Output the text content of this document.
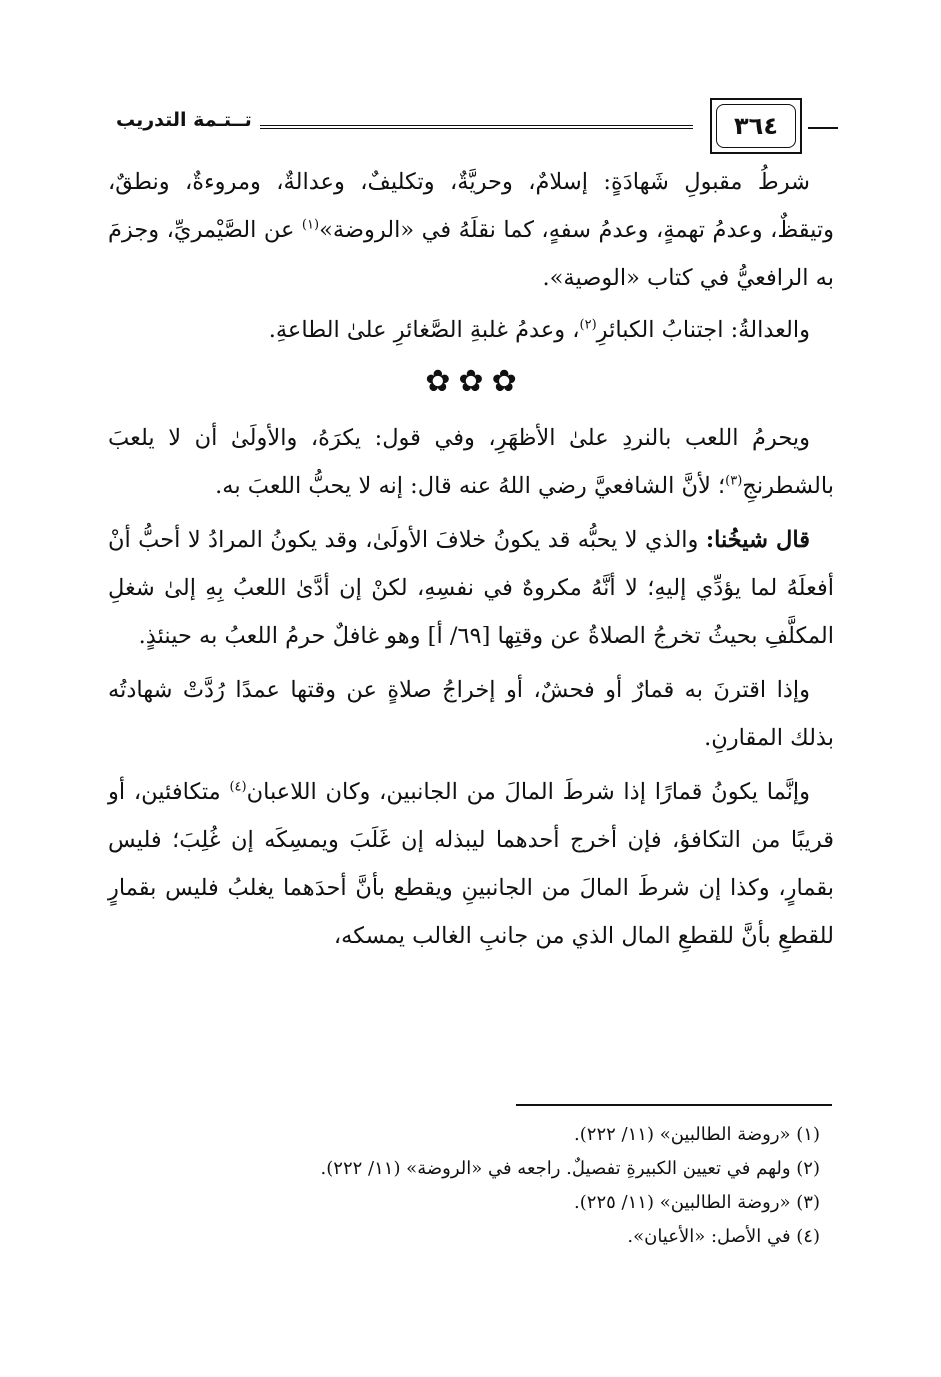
تــتـمة التدريب	٣٦٤

شرطُ مقبولِ شَهادَةٍ: إسلامٌ، وحريَّةٌ، وتكليفٌ، وعدالةٌ، ومروءةٌ، ونطقٌ، وتيقظٌ، وعدمُ تهمةٍ، وعدمُ سفهٍ، كما نقلَهُ في «الروضة»$^{(١)}$ عن الصَّيْمريِّ، وجزمَ به الرافعيُّ في كتاب «الوصية».

والعدالةُ: اجتنابُ الكبائرِ$^{(٢)}$، وعدمُ غلبةِ الصَّغائرِ علىٰ الطاعةِ.

✿✿✿

ويحرمُ اللعب بالنردِ علىٰ الأظهَرِ، وفي قول: يكرَهُ، والأولَىٰ أن لا يلعبَ بالشطرنجِ$^{(٣)}$؛ لأنَّ الشافعيَّ رضي اللهُ عنه قال: إنه لا يحبُّ اللعبَ به.

قال شيخُنا: والذي لا يحبُّه قد يكونُ خلافَ الأولَىٰ، وقد يكونُ المرادُ لا أحبُّ أنْ أفعلَهُ لما يؤدِّي إليهِ؛ لا أنَّهُ مكروهٌ في نفسِهِ، لكنْ إن أدَّىٰ اللعبُ بِهِ إلىٰ شغلِ المكلَّفِ بحيثُ تخرجُ الصلاةُ عن وقتِها [٦٩/ أ] وهو غافلٌ حرمُ اللعبُ به حينئذٍ.

وإذا اقترنَ به قمارٌ أو فحشٌ، أو إخراجُ صلاةٍ عن وقتها عمدًا رُدَّتْ شهادتُه بذلك المقارنِ.

وإنَّما يكونُ قمارًا إذا شرطَ المالَ من الجانبين، وكان اللاعبان$^{(٤)}$ متكافئين، أو قريبًا من التكافؤ، فإن أخرج أحدهما ليبذله إن غَلَبَ ويمسِكَه إن غُلِبَ؛ فليس بقمارٍ، وكذا إن شرطَ المالَ من الجانبينِ ويقطع بأنَّ أحدَهما يغلبُ فليس بقمارٍ للقطعِ بأنَّ للقطعِ المال الذي من جانبِ الغالب يمسكه،

(١) «روضة الطالبين» (١١/ ٢٢٢).
(٢) ولهم في تعيين الكبيرةِ تفصيلٌ. راجعه في «الروضة» (١١/ ٢٢٢).
(٣) «روضة الطالبين» (١١/ ٢٢٥).
(٤) في الأصل: «الأعيان».
